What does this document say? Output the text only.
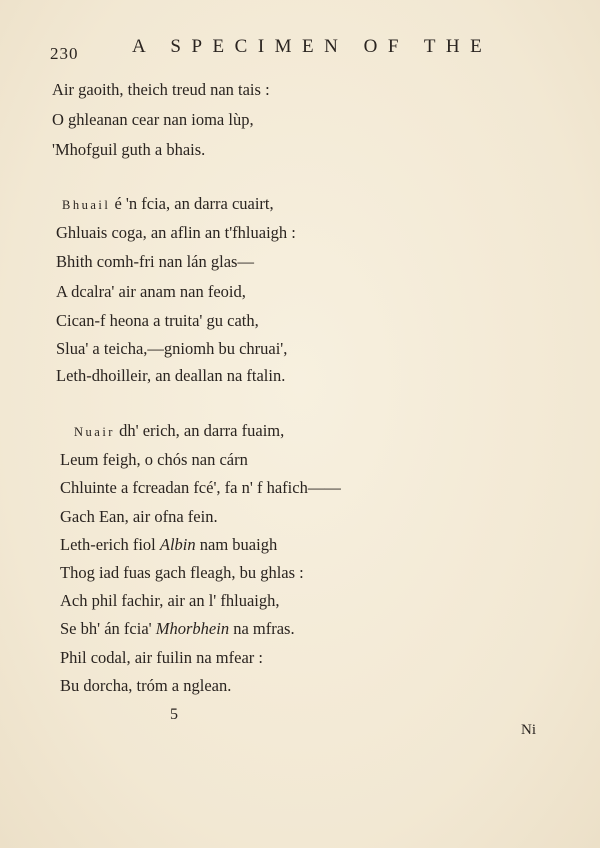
230	A SPECIMEN OF THE
Air gaoith, theich treud nan tais :
O ghleanan cear nan ioma lùp,
'Mhofguil guth a bhais.
Bhuail é 'n fcia, an darra cuairt,
Ghluais coga, an aflin an t'fhluaigh :
Bhith comh-fri nan lán glas—
A dcalra' air anam nan feoid,
Cican-f heona a truita' gu cath,
Slua' a teicha,—gniomh bu chruai',
Leth-dhoilleir, an deallan na ftalin.
Nuair dh' erich, an darra fuaim,
Leum feigh, o chós nan cárn
Chluinte a fcreadan fcé', fa n' f hafich——
Gach Ean, air ofna fein.
Leth-erich fiol Albin nam buaigh
Thog iad fuas gach fleagh, bu ghlas :
Ach phil fachir, air an l' fhluaigh,
Se bh' án fcia' Mhorbhein na mfras.
Phil codal, air fuilin na mfear :
Bu dorcha, tróm a nglean.
5
Ni
